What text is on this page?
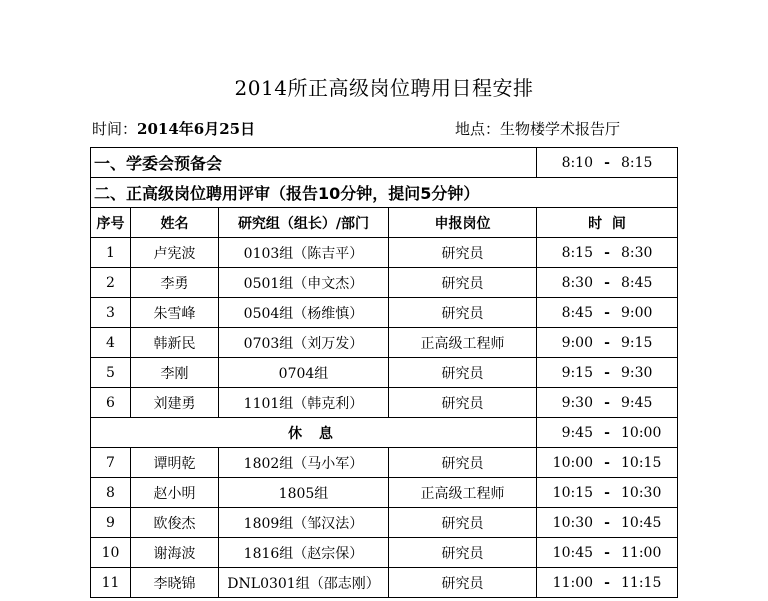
2014所正高级岗位聘用日程安排
时间：2014年6月25日	地点：生物楼学术报告厅
一、学委会预备会				8:10 - 8:15
二、正高级岗位聘用评审（报告10分钟，提问5分钟）				
序号	姓名	研究组（组长）/部门	申报岗位	时  间
1	卢宪波	0103组（陈吉平）	研究员	8:15 - 8:30
2	李勇	0501组（申文杰）	研究员	8:30 - 8:45
3	朱雪峰	0504组（杨维慎）	研究员	8:45 - 9:00
4	韩新民	0703组（刘万发）	正高级工程师	9:00 - 9:15
5	李刚	0704组	研究员	9:15 - 9:30
6	刘建勇	1101组（韩克利）	研究员	9:30 - 9:45
休 息				9:45 - 10:00
7	谭明乾	1802组（马小军）	研究员	10:00 - 10:15
8	赵小明	1805组	正高级工程师	10:15 - 10:30
9	欧俊杰	1809组（邹汉法）	研究员	10:30 - 10:45
10	谢海波	1816组（赵宗保）	研究员	10:45 - 11:00
11	李晓锦	DNL0301组（邵志刚）	研究员	11:00 - 11:15
